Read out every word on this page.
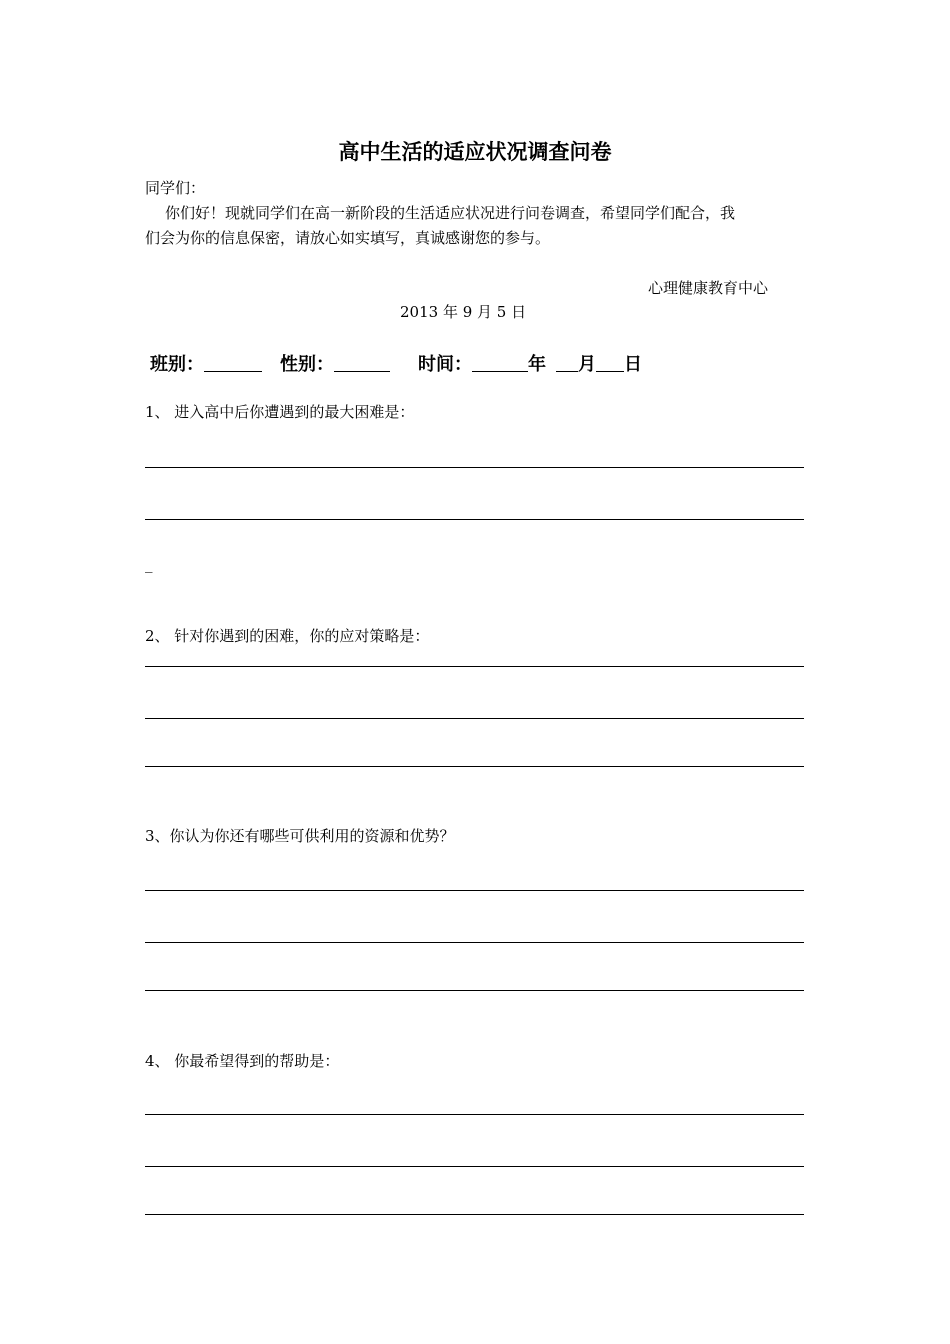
高中生活的适应状况调查问卷
同学们：
你们好！现就同学们在高一新阶段的生活适应状况进行问卷调查，希望同学们配合，我
们会为你的信息保密，请放心如实填写，真诚感谢您的参与。
心理健康教育中心
2013 年 9 月 5 日
班别：	性别：	时间：	年 月 日
1、 进入高中后你遭遇到的最大困难是：
_
2、 针对你遇到的困难，你的应对策略是：
3、你认为你还有哪些可供利用的资源和优势？
4、 你最希望得到的帮助是：
